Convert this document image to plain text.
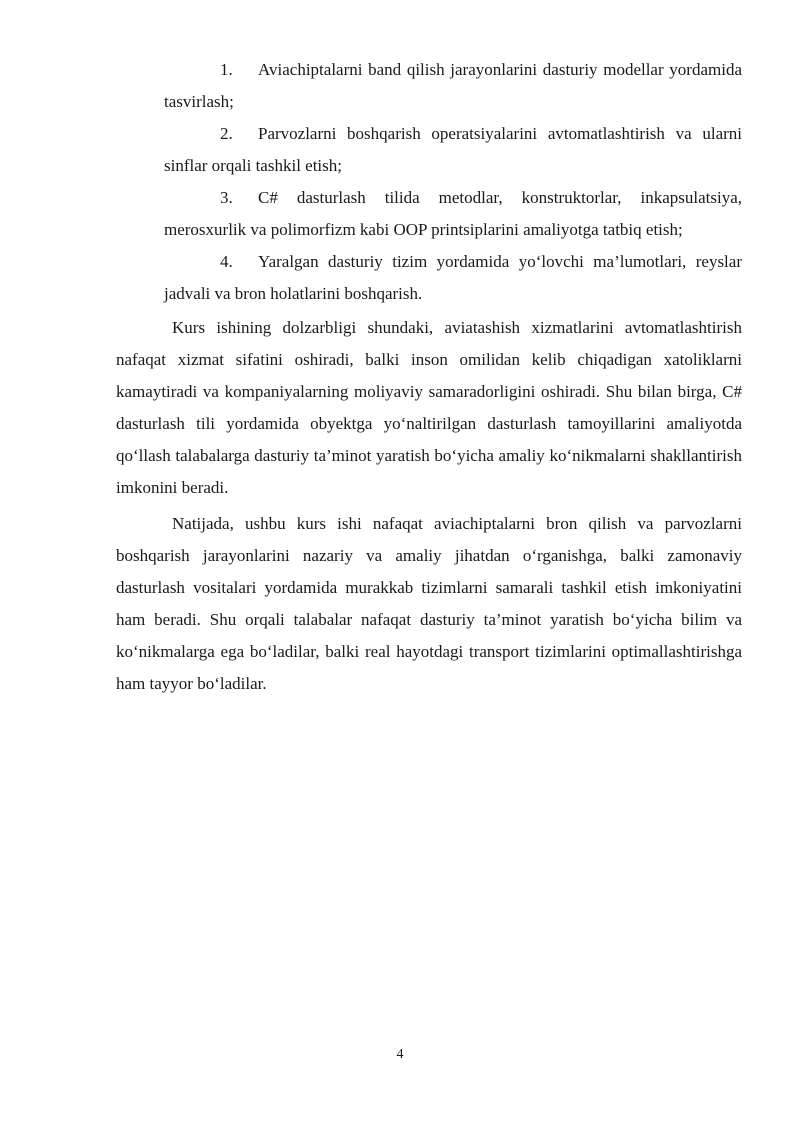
1. Aviachiptalarni band qilish jarayonlarini dasturiy modellar yordamida tasvirlash;
2. Parvozlarni boshqarish operatsiyalarini avtomatlashtirish va ularni sinflar orqali tashkil etish;
3. C# dasturlash tilida metodlar, konstruktorlar, inkapsulatsiya, merosxurlik va polimorfizm kabi OOP printsiplarini amaliyotga tatbiq etish;
4. Yaralgan dasturiy tizim yordamida yo‘lovchi ma’lumotlari, reyslar jadvali va bron holatlarini boshqarish.

Kurs ishining dolzarbligi shundaki, aviatashish xizmatlarini avtomatlashtirish nafaqat xizmat sifatini oshiradi, balki inson omilidan kelib chiqadigan xatoliklarni kamaytiradi va kompaniyalarning moliyaviy samaradorligini oshiradi. Shu bilan birga, C# dasturlash tili yordamida obyektga yo‘naltirilgan dasturlash tamoyillarini amaliyotda qo‘llash talabalarga dasturiy ta’minot yaratish bo‘yicha amaliy ko‘nikmalarni shakllantirish imkonini beradi.

Natijada, ushbu kurs ishi nafaqat aviachiptalarni bron qilish va parvozlarni boshqarish jarayonlarini nazariy va amaliy jihatdan o‘rganishga, balki zamonaviy dasturlash vositalari yordamida murakkab tizimlarni samarali tashkil etish imkoniyatini ham beradi. Shu orqali talabalar nafaqat dasturiy ta’minot yaratish bo‘yicha bilim va ko‘nikmalarga ega bo‘ladilar, balki real hayotdagi transport tizimlarini optimallashtirishga ham tayyor bo‘ladilar.

4
